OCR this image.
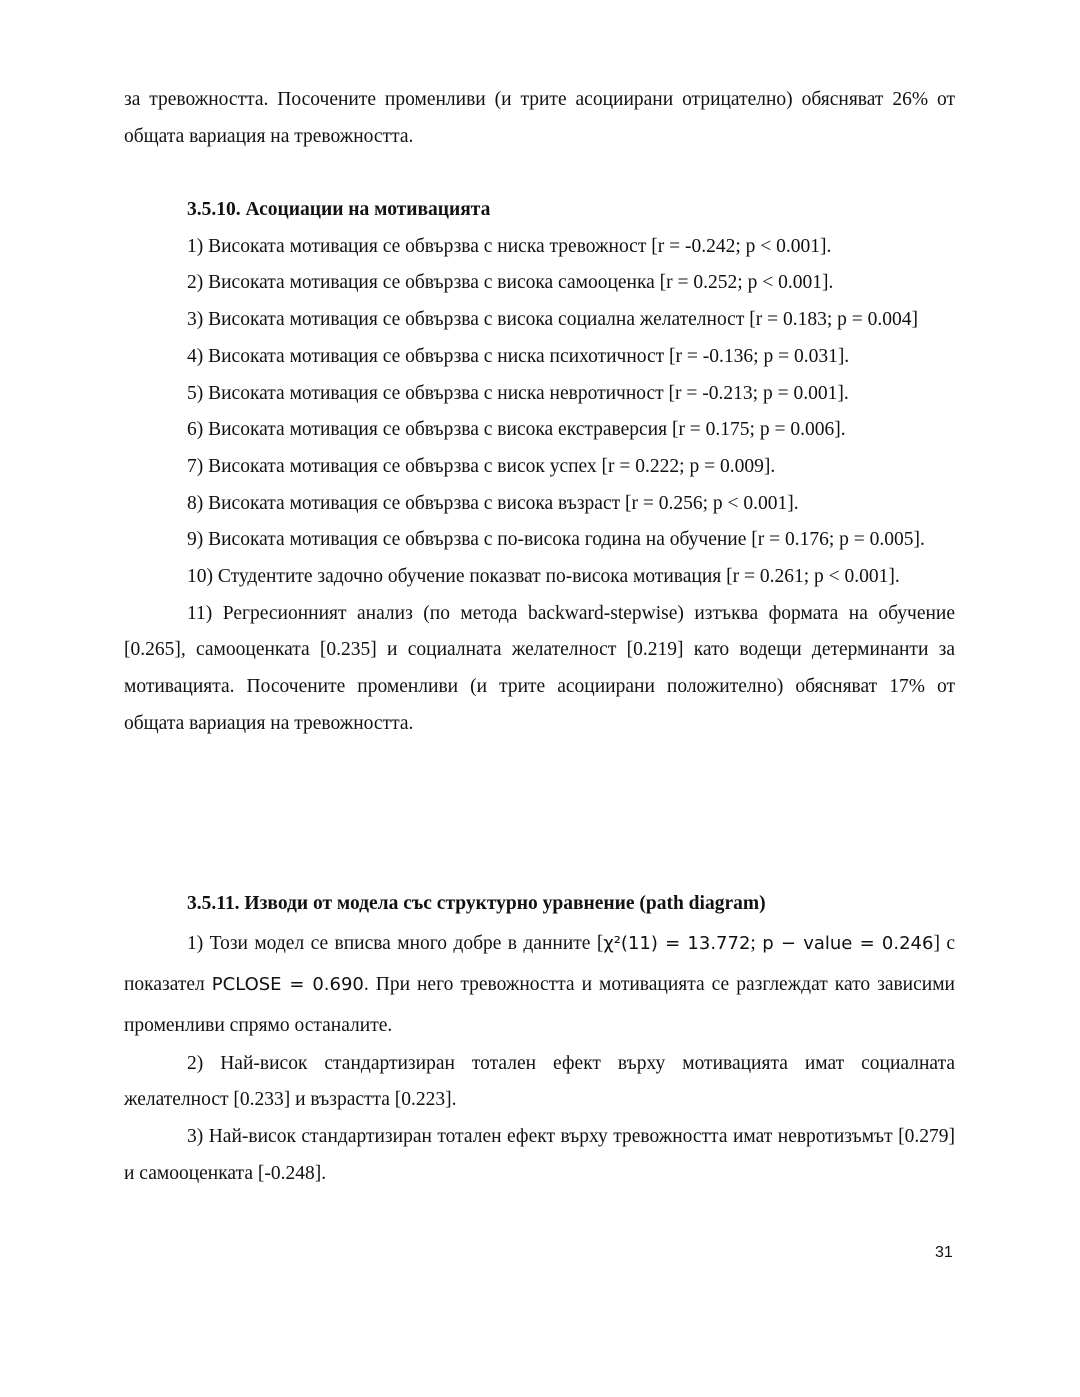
за тревожността. Посочените променливи (и трите асоциирани отрицателно) обясняват 26% от общата вариация на тревожността.

3.5.10. Асоциации на мотивацията

1) Високата мотивация се обвързва с ниска тревожност [r = -0.242; p < 0.001].

2) Високата мотивация се обвързва с висока самооценка [r = 0.252; p < 0.001].

3) Високата мотивация се обвързва с висока социална желателност [r = 0.183; p = 0.004]

4) Високата мотивация се обвързва с ниска психотичност [r = -0.136; p = 0.031].

5) Високата мотивация се обвързва с ниска невротичност [r = -0.213; p = 0.001].

6) Високата мотивация се обвързва с висока екстраверсия [r = 0.175; p = 0.006].

7) Високата мотивация се обвързва с висок успех [r = 0.222; p = 0.009].

8) Високата мотивация се обвързва с висока възраст [r = 0.256; p < 0.001].

9) Високата мотивация се обвързва с по-висока година на обучение [r = 0.176; p = 0.005].

10) Студентите задочно обучение показват по-висока мотивация [r = 0.261; p < 0.001].

11) Регресионният анализ (по метода backward-stepwise) изтъква формата на обучение [0.265], самооценката [0.235] и социалната желателност [0.219] като водещи детерминанти за мотивацията. Посочените променливи (и трите асоциирани положително) обясняват 17% от общата вариация на тревожността.

3.5.11. Изводи от модела със структурно уравнение (path diagram)

1) Този модел се вписва много добре в данните [χ²(11) = 13.772; p − value = 0.246] с показател PCLOSE = 0.690. При него тревожността и мотивацията се разглеждат като зависими променливи спрямо останалите.

2) Най-висок стандартизиран тотален ефект върху мотивацията имат социалната желателност [0.233] и възрастта [0.223].

3) Най-висок стандартизиран тотален ефект върху тревожността имат невротизъмът [0.279] и самооценката [-0.248].

31
